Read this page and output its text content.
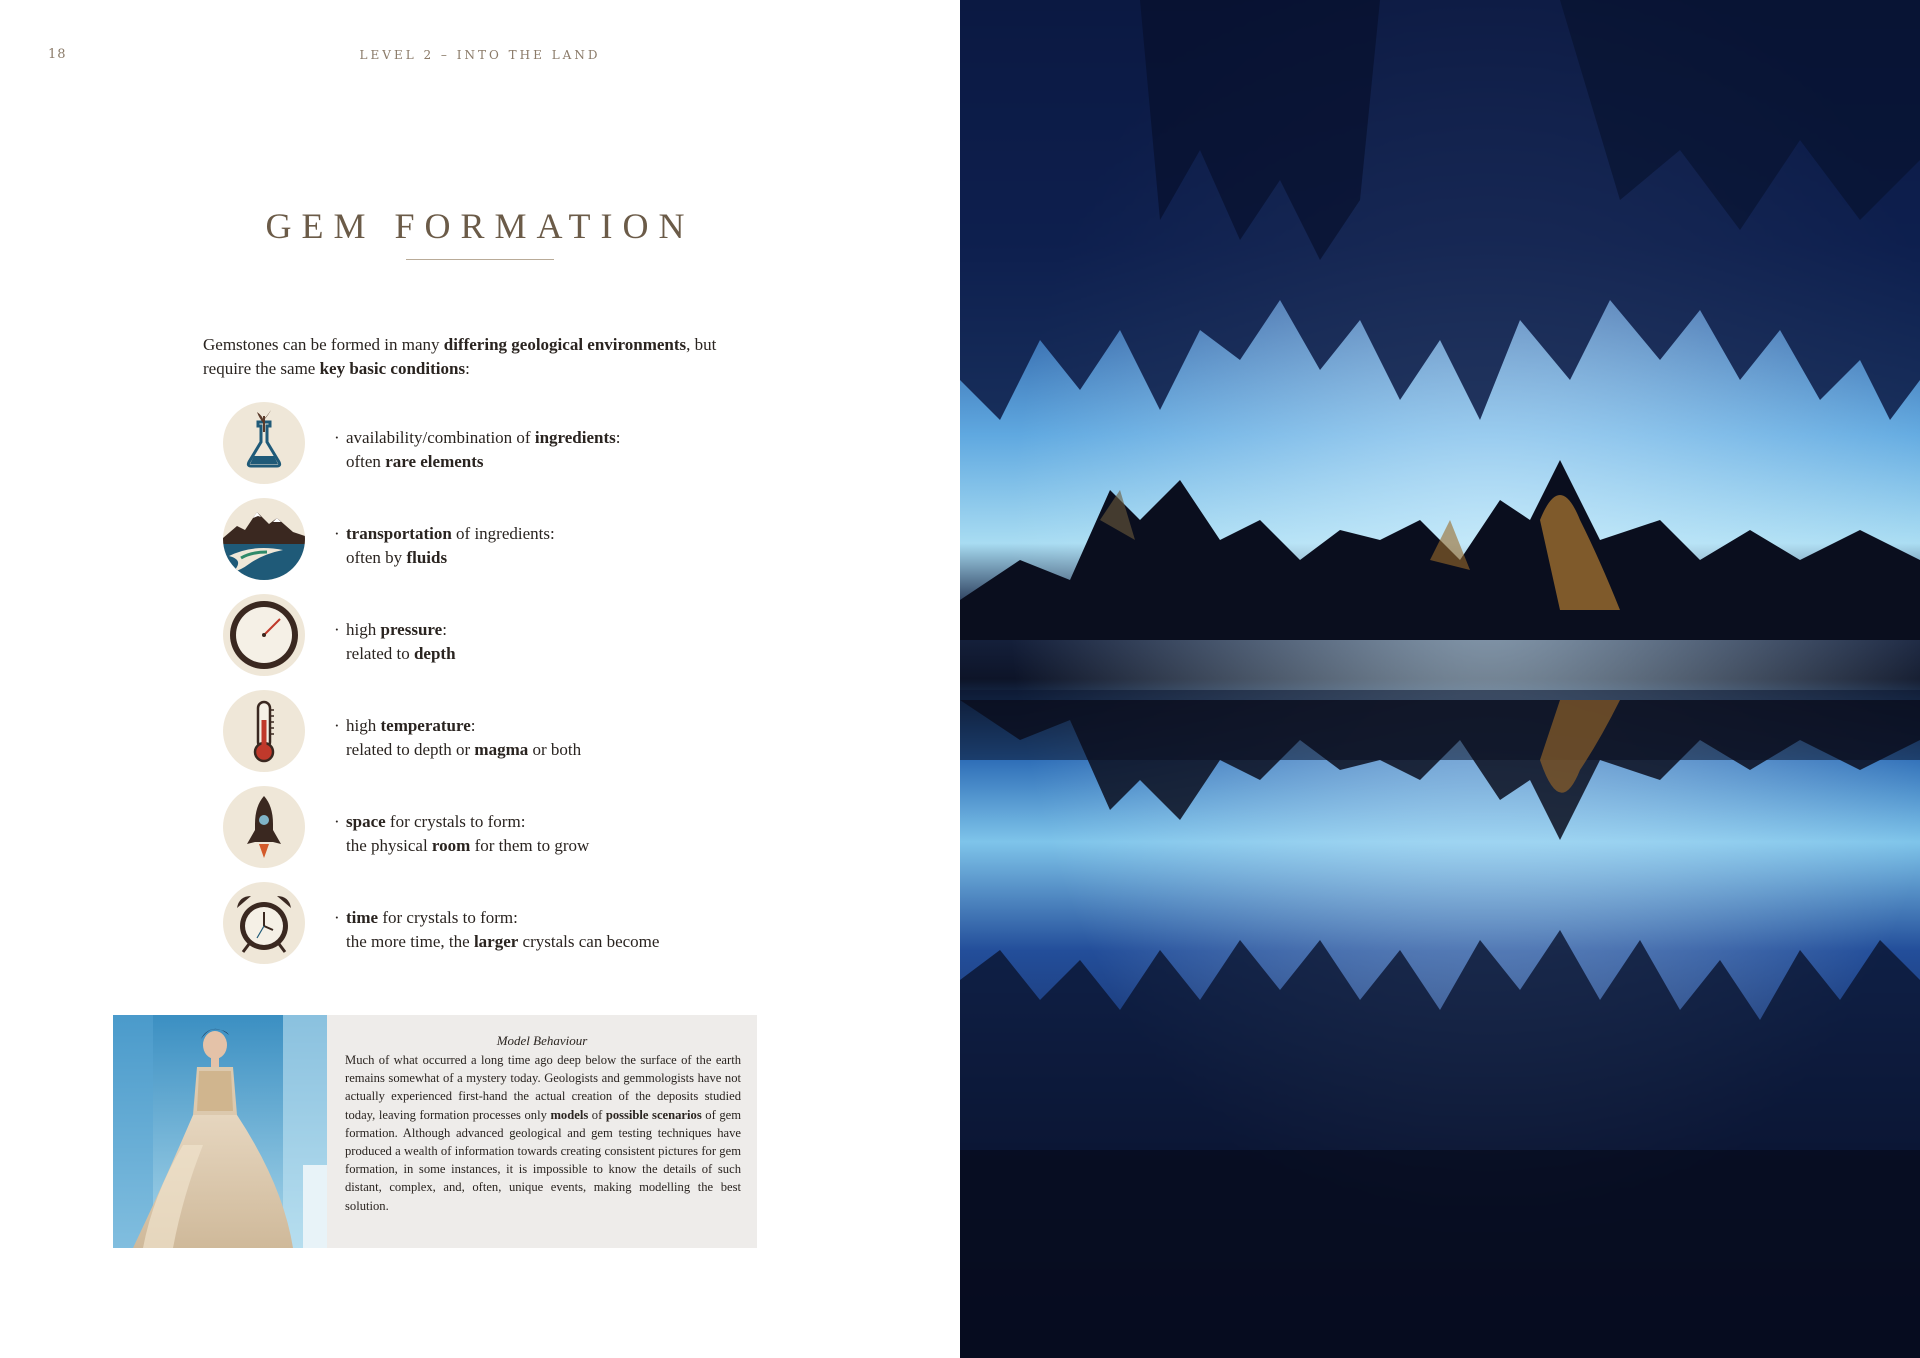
18	LEVEL 2 – INTO THE LAND
GEM FORMATION
Gemstones can be formed in many differing geological environments, but require the same key basic conditions:
· availability/combination of ingredients:
often rare elements
· transportation of ingredients:
often by fluids
· high pressure:
related to depth
· high temperature:
related to depth or magma or both
· space for crystals to form:
the physical room for them to grow
· time for crystals to form:
the more time, the larger crystals can become
Model Behaviour
Much of what occurred a long time ago deep below the surface of the earth remains somewhat of a mystery today. Geologists and gemmologists have not actually experienced first-hand the actual creation of the deposits studied today, leaving formation processes only models of possible scenarios of gem formation. Although advanced geological and gem testing techniques have produced a wealth of information towards creating consistent pictures for gem formation, in some instances, it is impossible to know the details of such distant, complex, and, often, unique events, making modelling the best solution.
